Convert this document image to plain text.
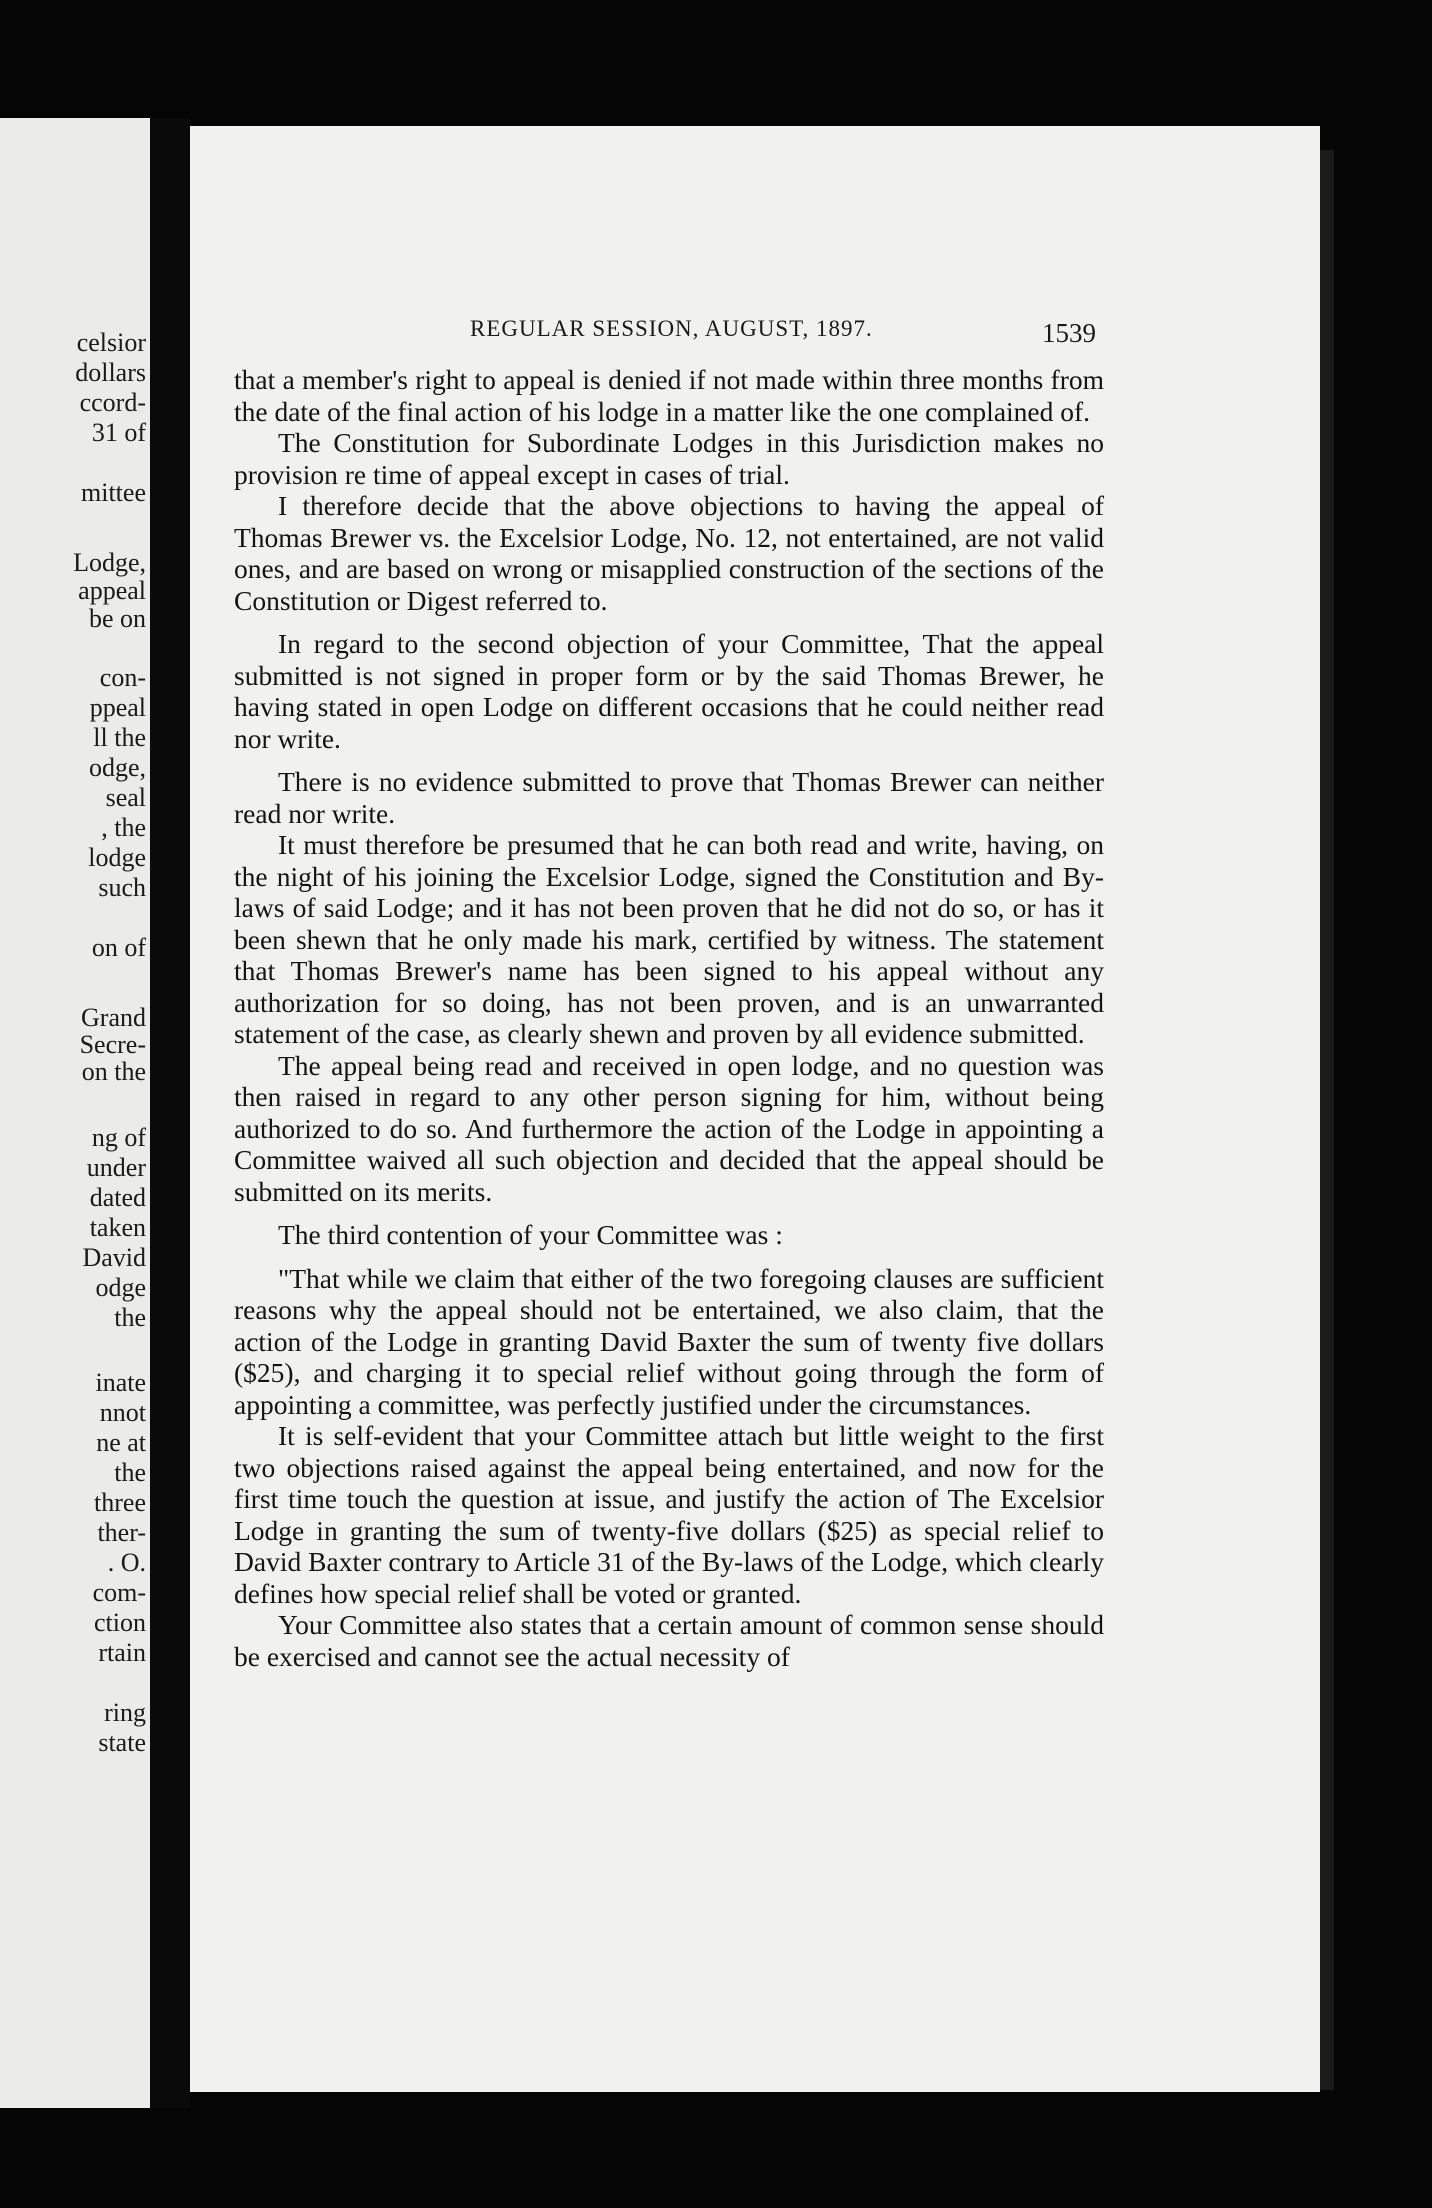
celsior
dollars
ccord-
31 of
mittee
Lodge,
appeal
be on
con-
ppeal
ll the
odge,
seal
, the
lodge
such
on of
Grand
Secre-
on the
ng of
under
dated
taken
David
odge
the
inate
nnot
ne at
the
three
ther-
. O.
com-
ction
rtain
ring
state
REGULAR SESSION, AUGUST, 1897.	1539

that a member's right to appeal is denied if not made within three months from the date of the final action of his lodge in a matter like the one complained of.

The Constitution for Subordinate Lodges in this Jurisdiction makes no provision re time of appeal except in cases of trial.

I therefore decide that the above objections to having the appeal of Thomas Brewer vs. the Excelsior Lodge, No. 12, not entertained, are not valid ones, and are based on wrong or misapplied construction of the sections of the Constitution or Digest referred to.

In regard to the second objection of your Committee, That the appeal submitted is not signed in proper form or by the said Thomas Brewer, he having stated in open Lodge on different occasions that he could neither read nor write.

There is no evidence submitted to prove that Thomas Brewer can neither read nor write.

It must therefore be presumed that he can both read and write, having, on the night of his joining the Excelsior Lodge, signed the Constitution and By-laws of said Lodge; and it has not been proven that he did not do so, or has it been shewn that he only made his mark, certified by witness. The statement that Thomas Brewer's name has been signed to his appeal without any authorization for so doing, has not been proven, and is an unwarranted statement of the case, as clearly shewn and proven by all evidence submitted.

The appeal being read and received in open lodge, and no question was then raised in regard to any other person signing for him, without being authorized to do so. And furthermore the action of the Lodge in appointing a Committee waived all such objection and decided that the appeal should be submitted on its merits.

The third contention of your Committee was :

"That while we claim that either of the two foregoing clauses are sufficient reasons why the appeal should not be entertained, we also claim, that the action of the Lodge in granting David Baxter the sum of twenty five dollars ($25), and charging it to special relief without going through the form of appointing a committee, was perfectly justified under the circumstances.

It is self-evident that your Committee attach but little weight to the first two objections raised against the appeal being entertained, and now for the first time touch the question at issue, and justify the action of The Excelsior Lodge in granting the sum of twenty-five dollars ($25) as special relief to David Baxter contrary to Article 31 of the By-laws of the Lodge, which clearly defines how special relief shall be voted or granted.

Your Committee also states that a certain amount of common sense should be exercised and cannot see the actual necessity of
